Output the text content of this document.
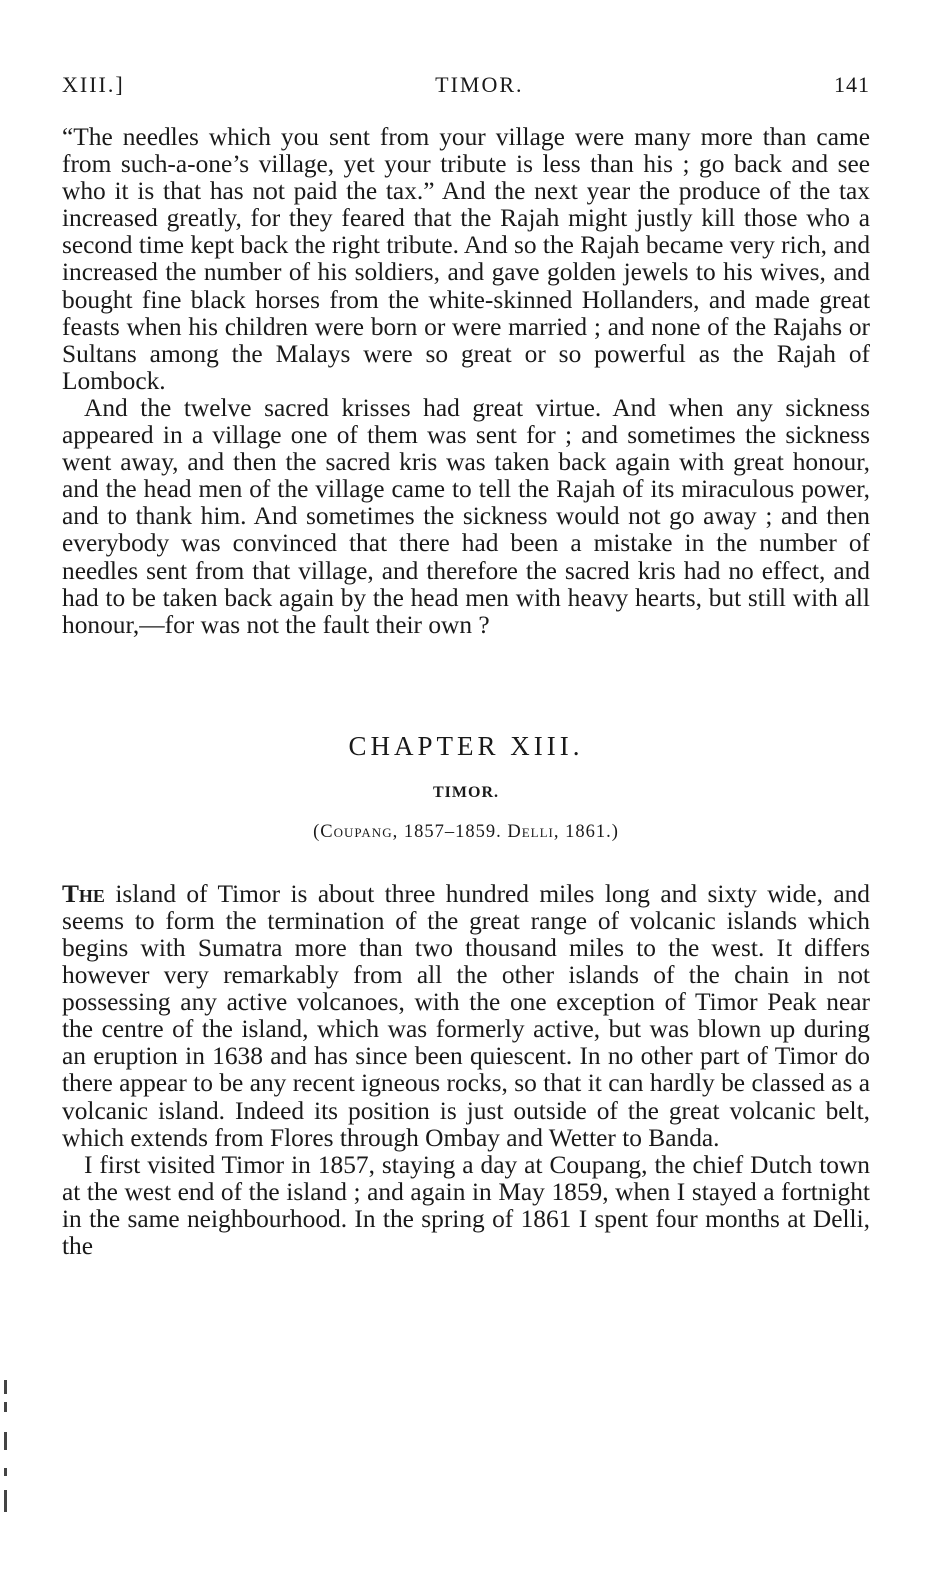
XIII.]	TIMOR.	141

“The needles which you sent from your village were many more than came from such-a-one’s village, yet your tribute is less than his ; go back and see who it is that has not paid the tax.” And the next year the produce of the tax increased greatly, for they feared that the Rajah might justly kill those who a second time kept back the right tribute. And so the Rajah became very rich, and increased the number of his soldiers, and gave golden jewels to his wives, and bought fine black horses from the white-skinned Hollanders, and made great feasts when his children were born or were married ; and none of the Rajahs or Sultans among the Malays were so great or so powerful as the Rajah of Lombock.

And the twelve sacred krisses had great virtue. And when any sickness appeared in a village one of them was sent for ; and sometimes the sickness went away, and then the sacred kris was taken back again with great honour, and the head men of the village came to tell the Rajah of its miraculous power, and to thank him. And sometimes the sickness would not go away ; and then everybody was convinced that there had been a mistake in the number of needles sent from that village, and therefore the sacred kris had no effect, and had to be taken back again by the head men with heavy hearts, but still with all honour,—for was not the fault their own ?

CHAPTER XIII.
TIMOR.
(Coupang, 1857–1859. Delli, 1861.)

The island of Timor is about three hundred miles long and sixty wide, and seems to form the termination of the great range of volcanic islands which begins with Sumatra more than two thousand miles to the west. It differs however very remarkably from all the other islands of the chain in not possessing any active volcanoes, with the one exception of Timor Peak near the centre of the island, which was formerly active, but was blown up during an eruption in 1638 and has since been quiescent. In no other part of Timor do there appear to be any recent igneous rocks, so that it can hardly be classed as a volcanic island. Indeed its position is just outside of the great volcanic belt, which extends from Flores through Ombay and Wetter to Banda.

I first visited Timor in 1857, staying a day at Coupang, the chief Dutch town at the west end of the island ; and again in May 1859, when I stayed a fortnight in the same neighbourhood. In the spring of 1861 I spent four months at Delli, the
